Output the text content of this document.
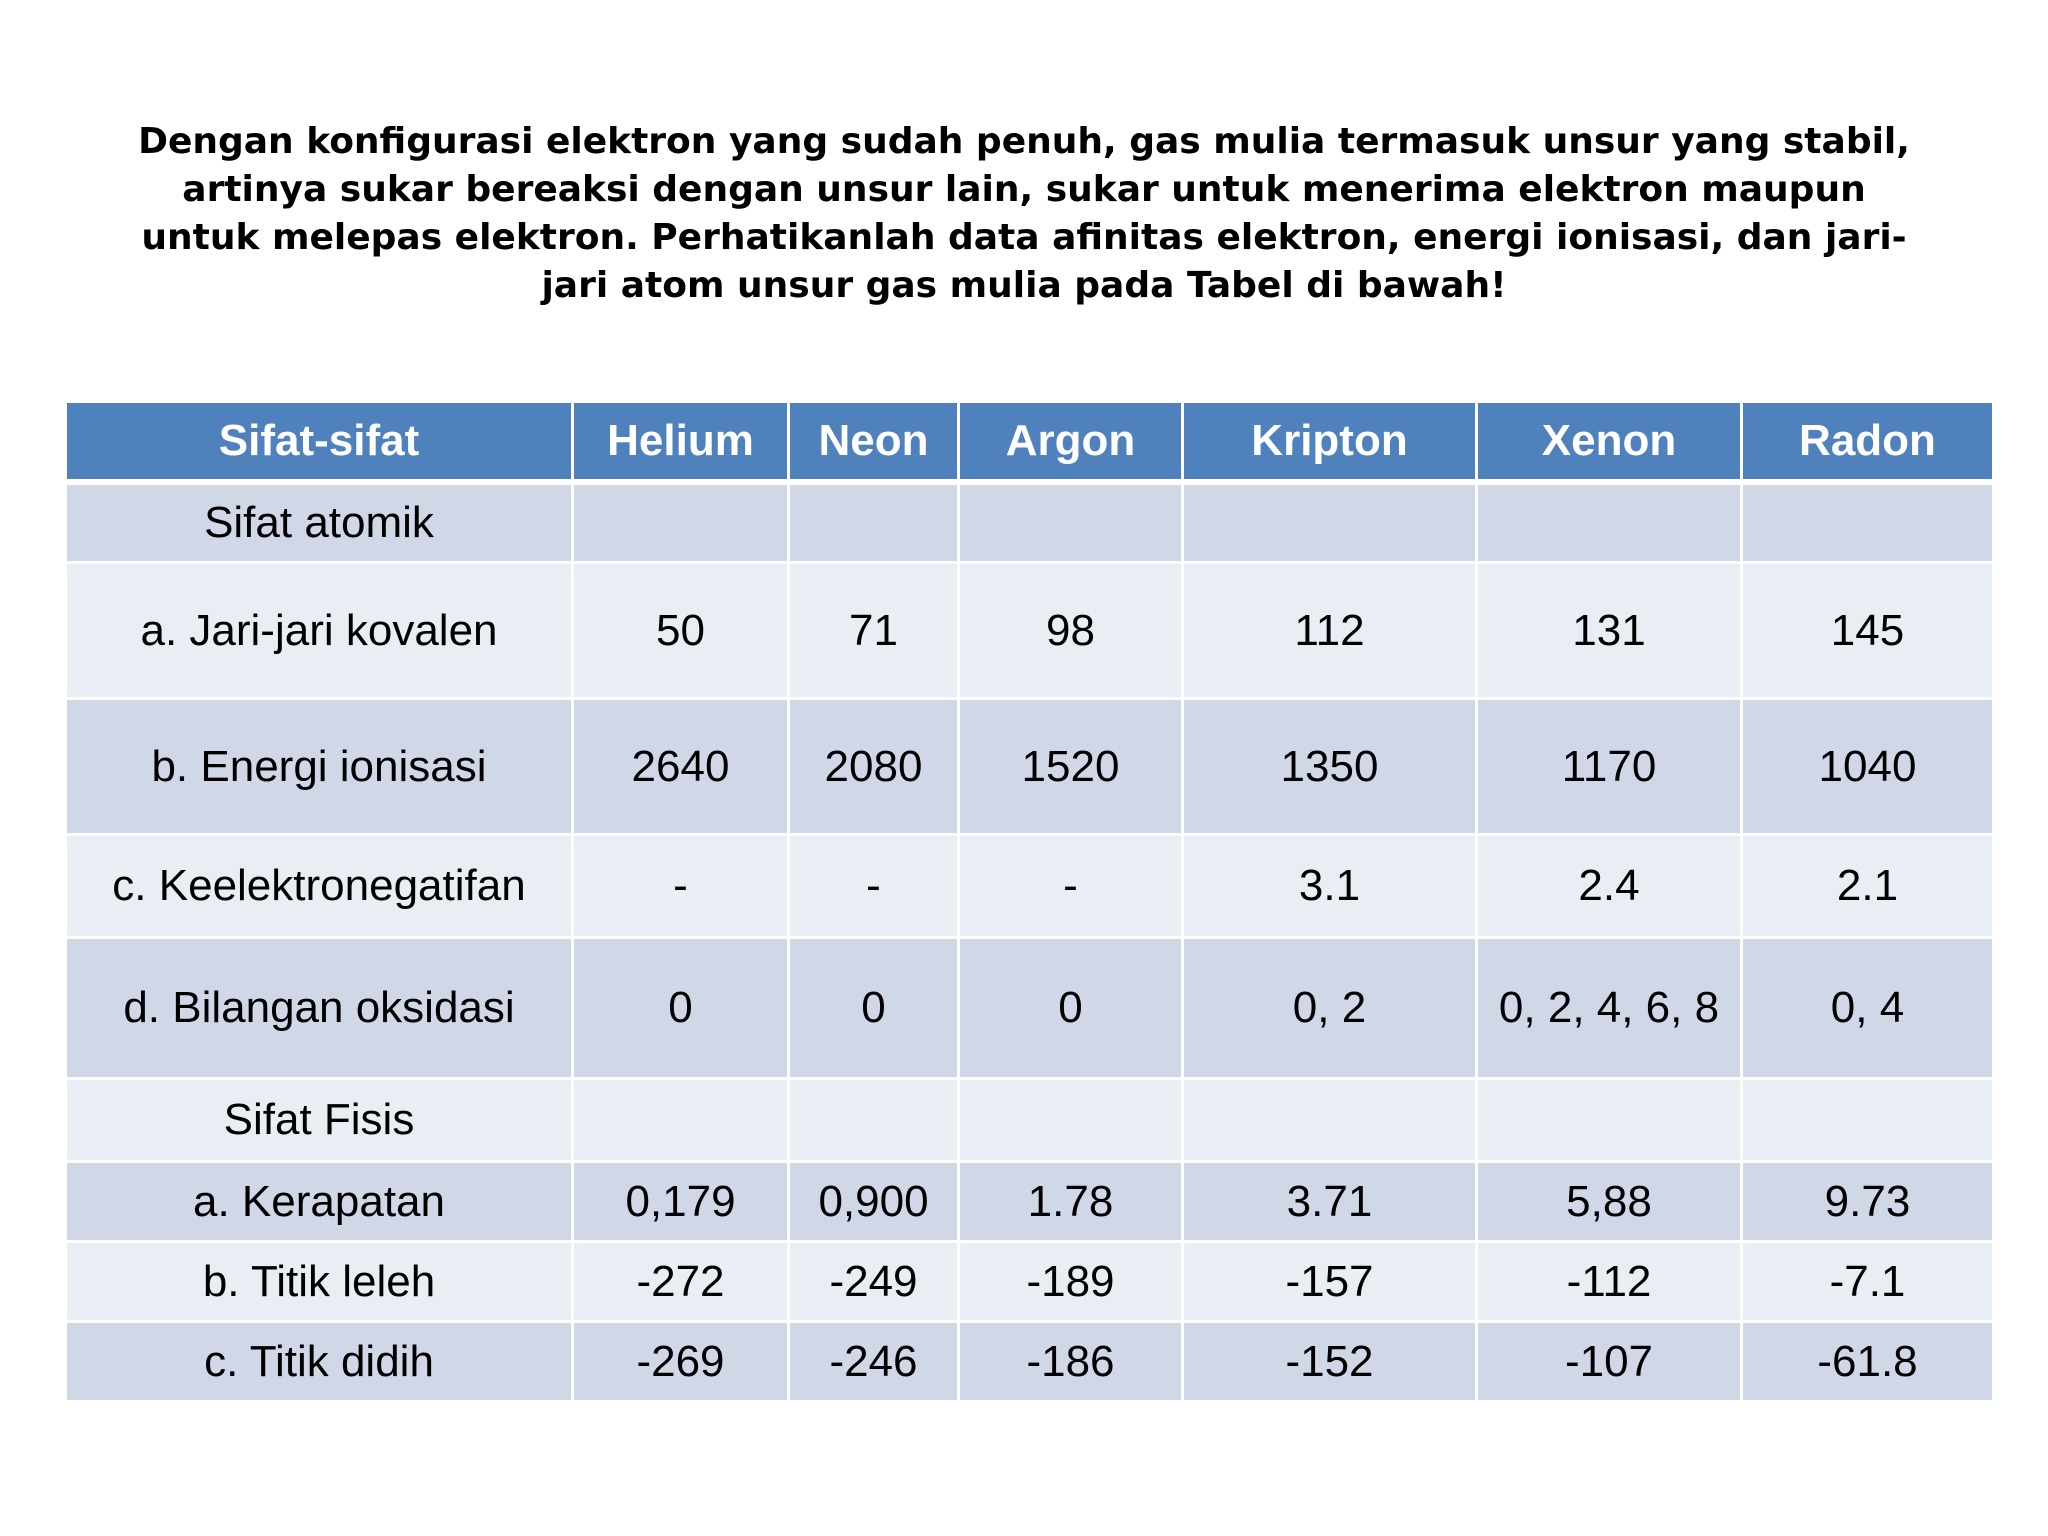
Dengan konfigurasi elektron yang sudah penuh, gas mulia termasuk unsur yang stabil, artinya sukar bereaksi dengan unsur lain, sukar untuk menerima elektron maupun untuk melepas elektron. Perhatikanlah data afinitas elektron, energi ionisasi, dan jari-jari atom unsur gas mulia pada Tabel di bawah!
Sifat-sifat	Helium	Neon	Argon	Kripton	Xenon	Radon
Sifat atomik						
a. Jari-jari kovalen	50	71	98	112	131	145
b. Energi ionisasi	2640	2080	1520	1350	1170	1040
c. Keelektronegatifan	-	-	-	3.1	2.4	2.1
d. Bilangan oksidasi	0	0	0	0, 2	0, 2, 4, 6, 8	0, 4
Sifat Fisis						
a. Kerapatan	0,179	0,900	1.78	3.71	5,88	9.73
b. Titik leleh	-272	-249	-189	-157	-112	-7.1
c. Titik didih	-269	-246	-186	-152	-107	-61.8
